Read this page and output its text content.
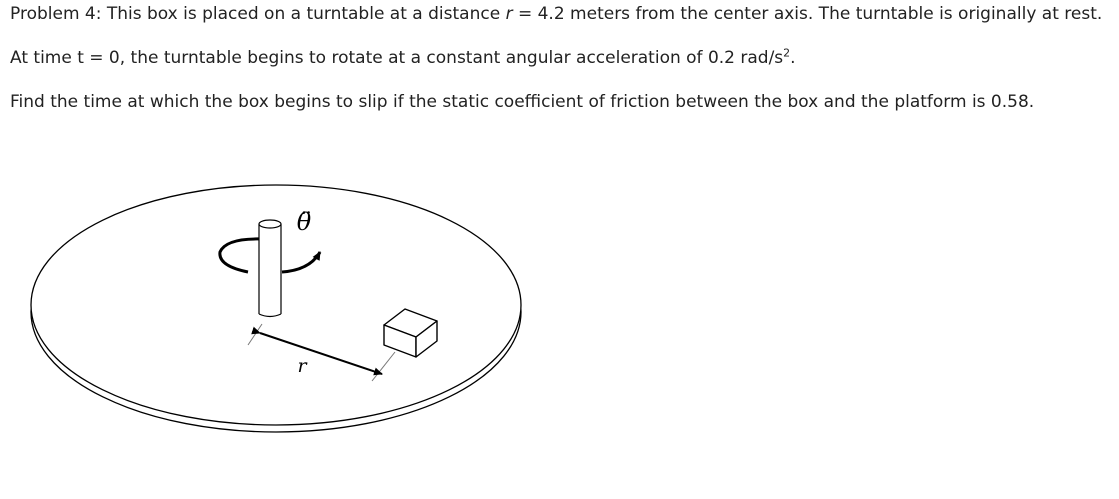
Problem 4: This box is placed on a turntable at a distance r = 4.2 meters from the center axis. The turntable is originally at rest.
At time t = 0, the turntable begins to rotate at a constant angular acceleration of 0.2 rad/$s^2$.
Find the time at which the box begins to slip if the static coefficient of friction between the box and the platform is 0.58.
θ̈
r
